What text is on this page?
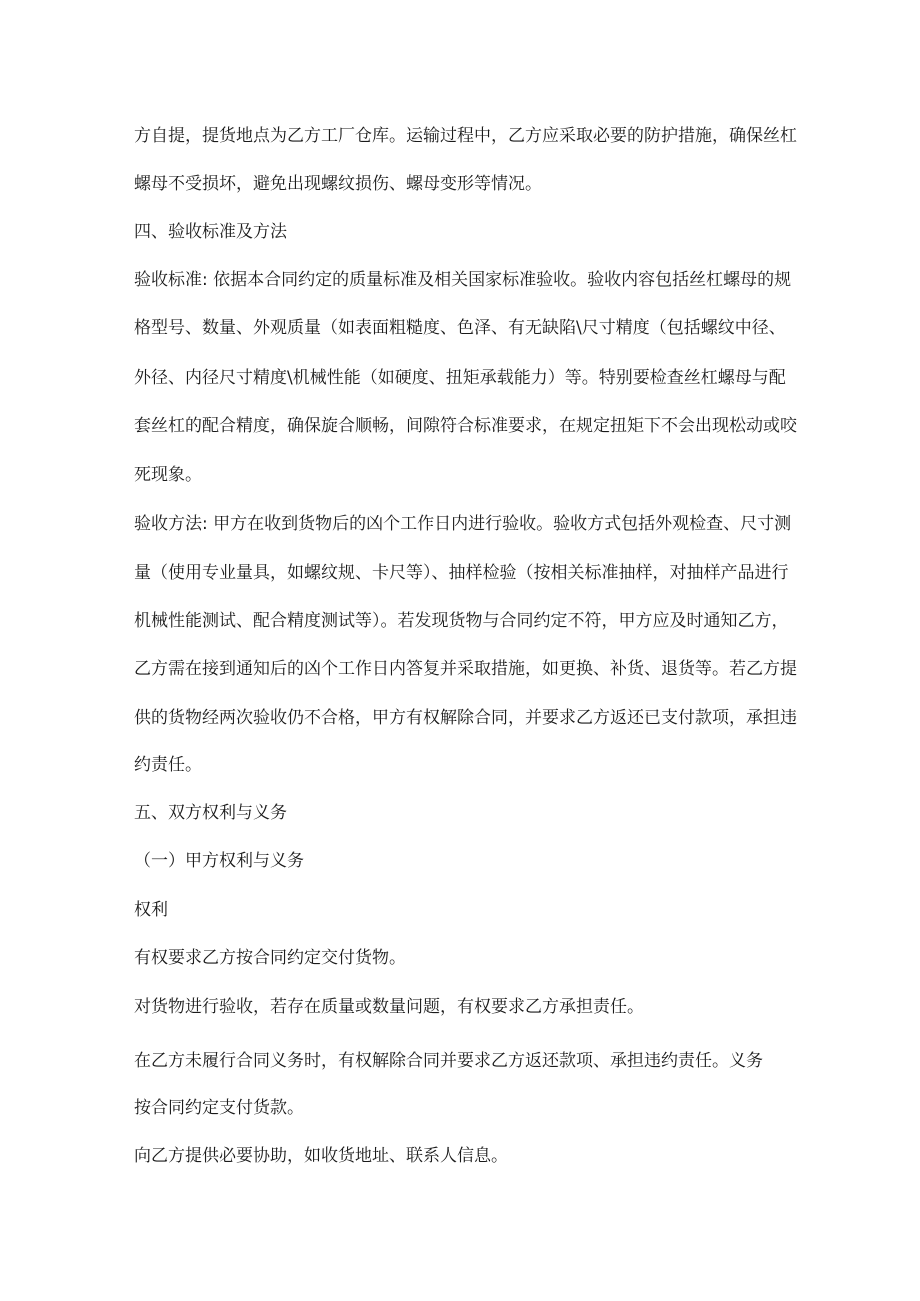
方自提，提货地点为乙方工厂仓库。运输过程中，乙方应采取必要的防护措施，确保丝杠

螺母不受损坏，避免出现螺纹损伤、螺母变形等情况。

四、验收标准及方法

验收标准: 依据本合同约定的质量标准及相关国家标准验收。验收内容包括丝杠螺母的规

格型号、数量、外观质量（如表面粗糙度、色泽、有无缺陷\尺寸精度（包括螺纹中径、

外径、内径尺寸精度\机械性能（如硬度、扭矩承载能力）等。特别要检查丝杠螺母与配

套丝杠的配合精度，确保旋合顺畅，间隙符合标准要求，在规定扭矩下不会出现松动或咬

死现象。

验收方法: 甲方在收到货物后的凶个工作日内进行验收。验收方式包括外观检查、尺寸测

量（使用专业量具，如螺纹规、卡尺等）、抽样检验（按相关标准抽样，对抽样产品进行

机械性能测试、配合精度测试等）。若发现货物与合同约定不符，甲方应及时通知乙方，

乙方需在接到通知后的凶个工作日内答复并采取措施，如更换、补货、退货等。若乙方提

供的货物经两次验收仍不合格，甲方有权解除合同，并要求乙方返还已支付款项，承担违

约责任。

五、双方权利与义务

（一）甲方权利与义务

权利

有权要求乙方按合同约定交付货物。

对货物进行验收，若存在质量或数量问题，有权要求乙方承担责任。

在乙方未履行合同义务时，有权解除合同并要求乙方返还款项、承担违约责任。义务

按合同约定支付货款。

向乙方提供必要协助，如收货地址、联系人信息。
